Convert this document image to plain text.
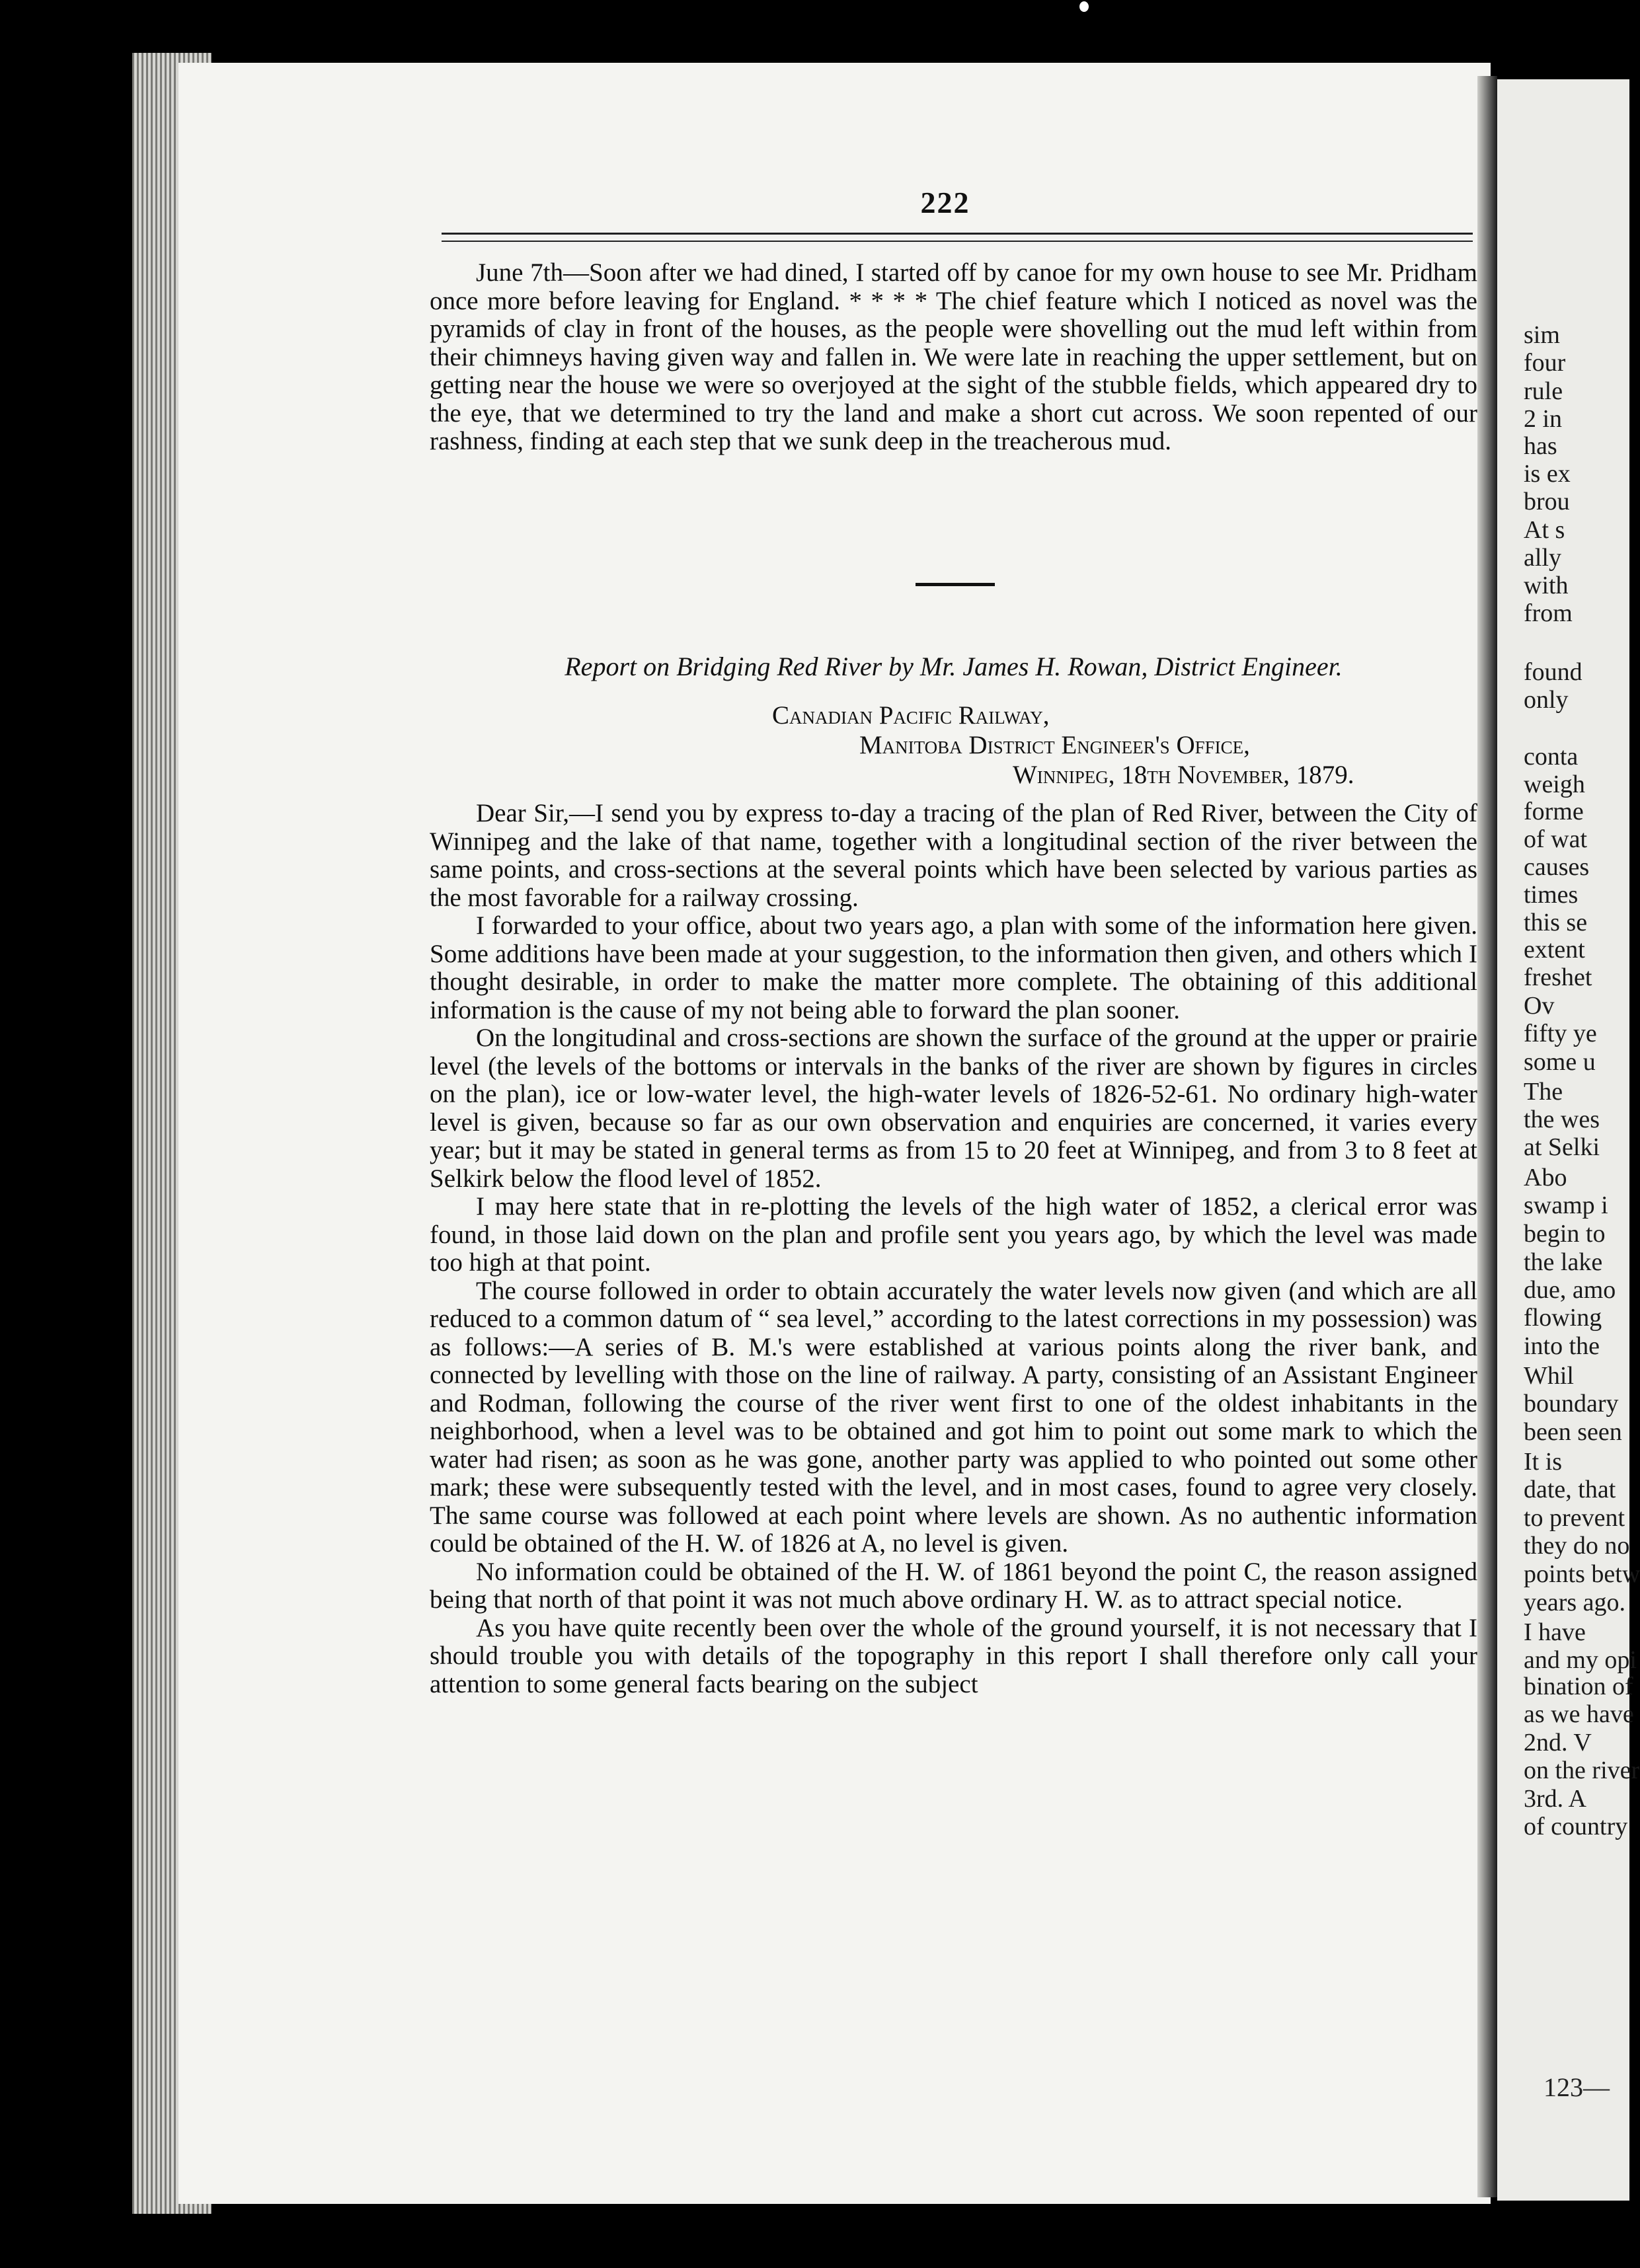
222

June 7th—Soon after we had dined, I started off by canoe for my own house to see Mr. Pridham once more before leaving for England. * * * * The chief feature which I noticed as novel was the pyramids of clay in front of the houses, as the people were shovelling out the mud left within from their chimneys having given way and fallen in. We were late in reaching the upper settlement, but on getting near the house we were so overjoyed at the sight of the stubble fields, which appeared dry to the eye, that we determined to try the land and make a short cut across. We soon repented of our rashness, finding at each step that we sunk deep in the treacherous mud.

Report on Bridging Red River by Mr. James H. Rowan, District Engineer.
Canadian Pacific Railway,
Manitoba District Engineer's Office,
Winnipeg, 18th November, 1879.

Dear Sir,—I send you by express to-day a tracing of the plan of Red River, between the City of Winnipeg and the lake of that name, together with a longitudinal section of the river between the same points, and cross-sections at the several points which have been selected by various parties as the most favorable for a railway crossing.

I forwarded to your office, about two years ago, a plan with some of the information here given. Some additions have been made at your suggestion, to the information then given, and others which I thought desirable, in order to make the matter more complete. The obtaining of this additional information is the cause of my not being able to forward the plan sooner.

On the longitudinal and cross-sections are shown the surface of the ground at the upper or prairie level (the levels of the bottoms or intervals in the banks of the river are shown by figures in circles on the plan), ice or low-water level, the high-water levels of 1826-52-61. No ordinary high-water level is given, because so far as our own observation and enquiries are concerned, it varies every year; but it may be stated in general terms as from 15 to 20 feet at Winnipeg, and from 3 to 8 feet at Selkirk below the flood level of 1852.

I may here state that in re-plotting the levels of the high water of 1852, a clerical error was found, in those laid down on the plan and profile sent you years ago, by which the level was made too high at that point.

The course followed in order to obtain accurately the water levels now given (and which are all reduced to a common datum of “ sea level,” according to the latest corrections in my possession) was as follows:—A series of B. M.'s were established at various points along the river bank, and connected by levelling with those on the line of railway. A party, consisting of an Assistant Engineer and Rodman, following the course of the river went first to one of the oldest inhabitants in the neighborhood, when a level was to be obtained and got him to point out some mark to which the water had risen; as soon as he was gone, another party was applied to who pointed out some other mark; these were subsequently tested with the level, and in most cases, found to agree very closely. The same course was followed at each point where levels are shown. As no authentic information could be obtained of the H. W. of 1826 at A, no level is given.

No information could be obtained of the H. W. of 1861 beyond the point C, the reason assigned being that north of that point it was not much above ordinary H. W. as to attract special notice.

As you have quite recently been over the whole of the ground yourself, it is not necessary that I should trouble you with details of the topography in this report I shall therefore only call your attention to some general facts bearing on the subject

sim
four
rule
2 in
has
is ex
brou
At s
ally
with
from
found
only
conta
weigh
forme
of wat
causes
times
this se
extent
freshet
Ov
fifty ye
some u
The
the wes
at Selki
Abo
swamp i
begin to
the lake
due, amo
flowing
into the
Whil
boundary
been seen
It is
date, that
to prevent
they do no
points betw
years ago.
I have
and my opi
bination of
as we have
2nd. V
on the river
3rd. A
of country
123—
